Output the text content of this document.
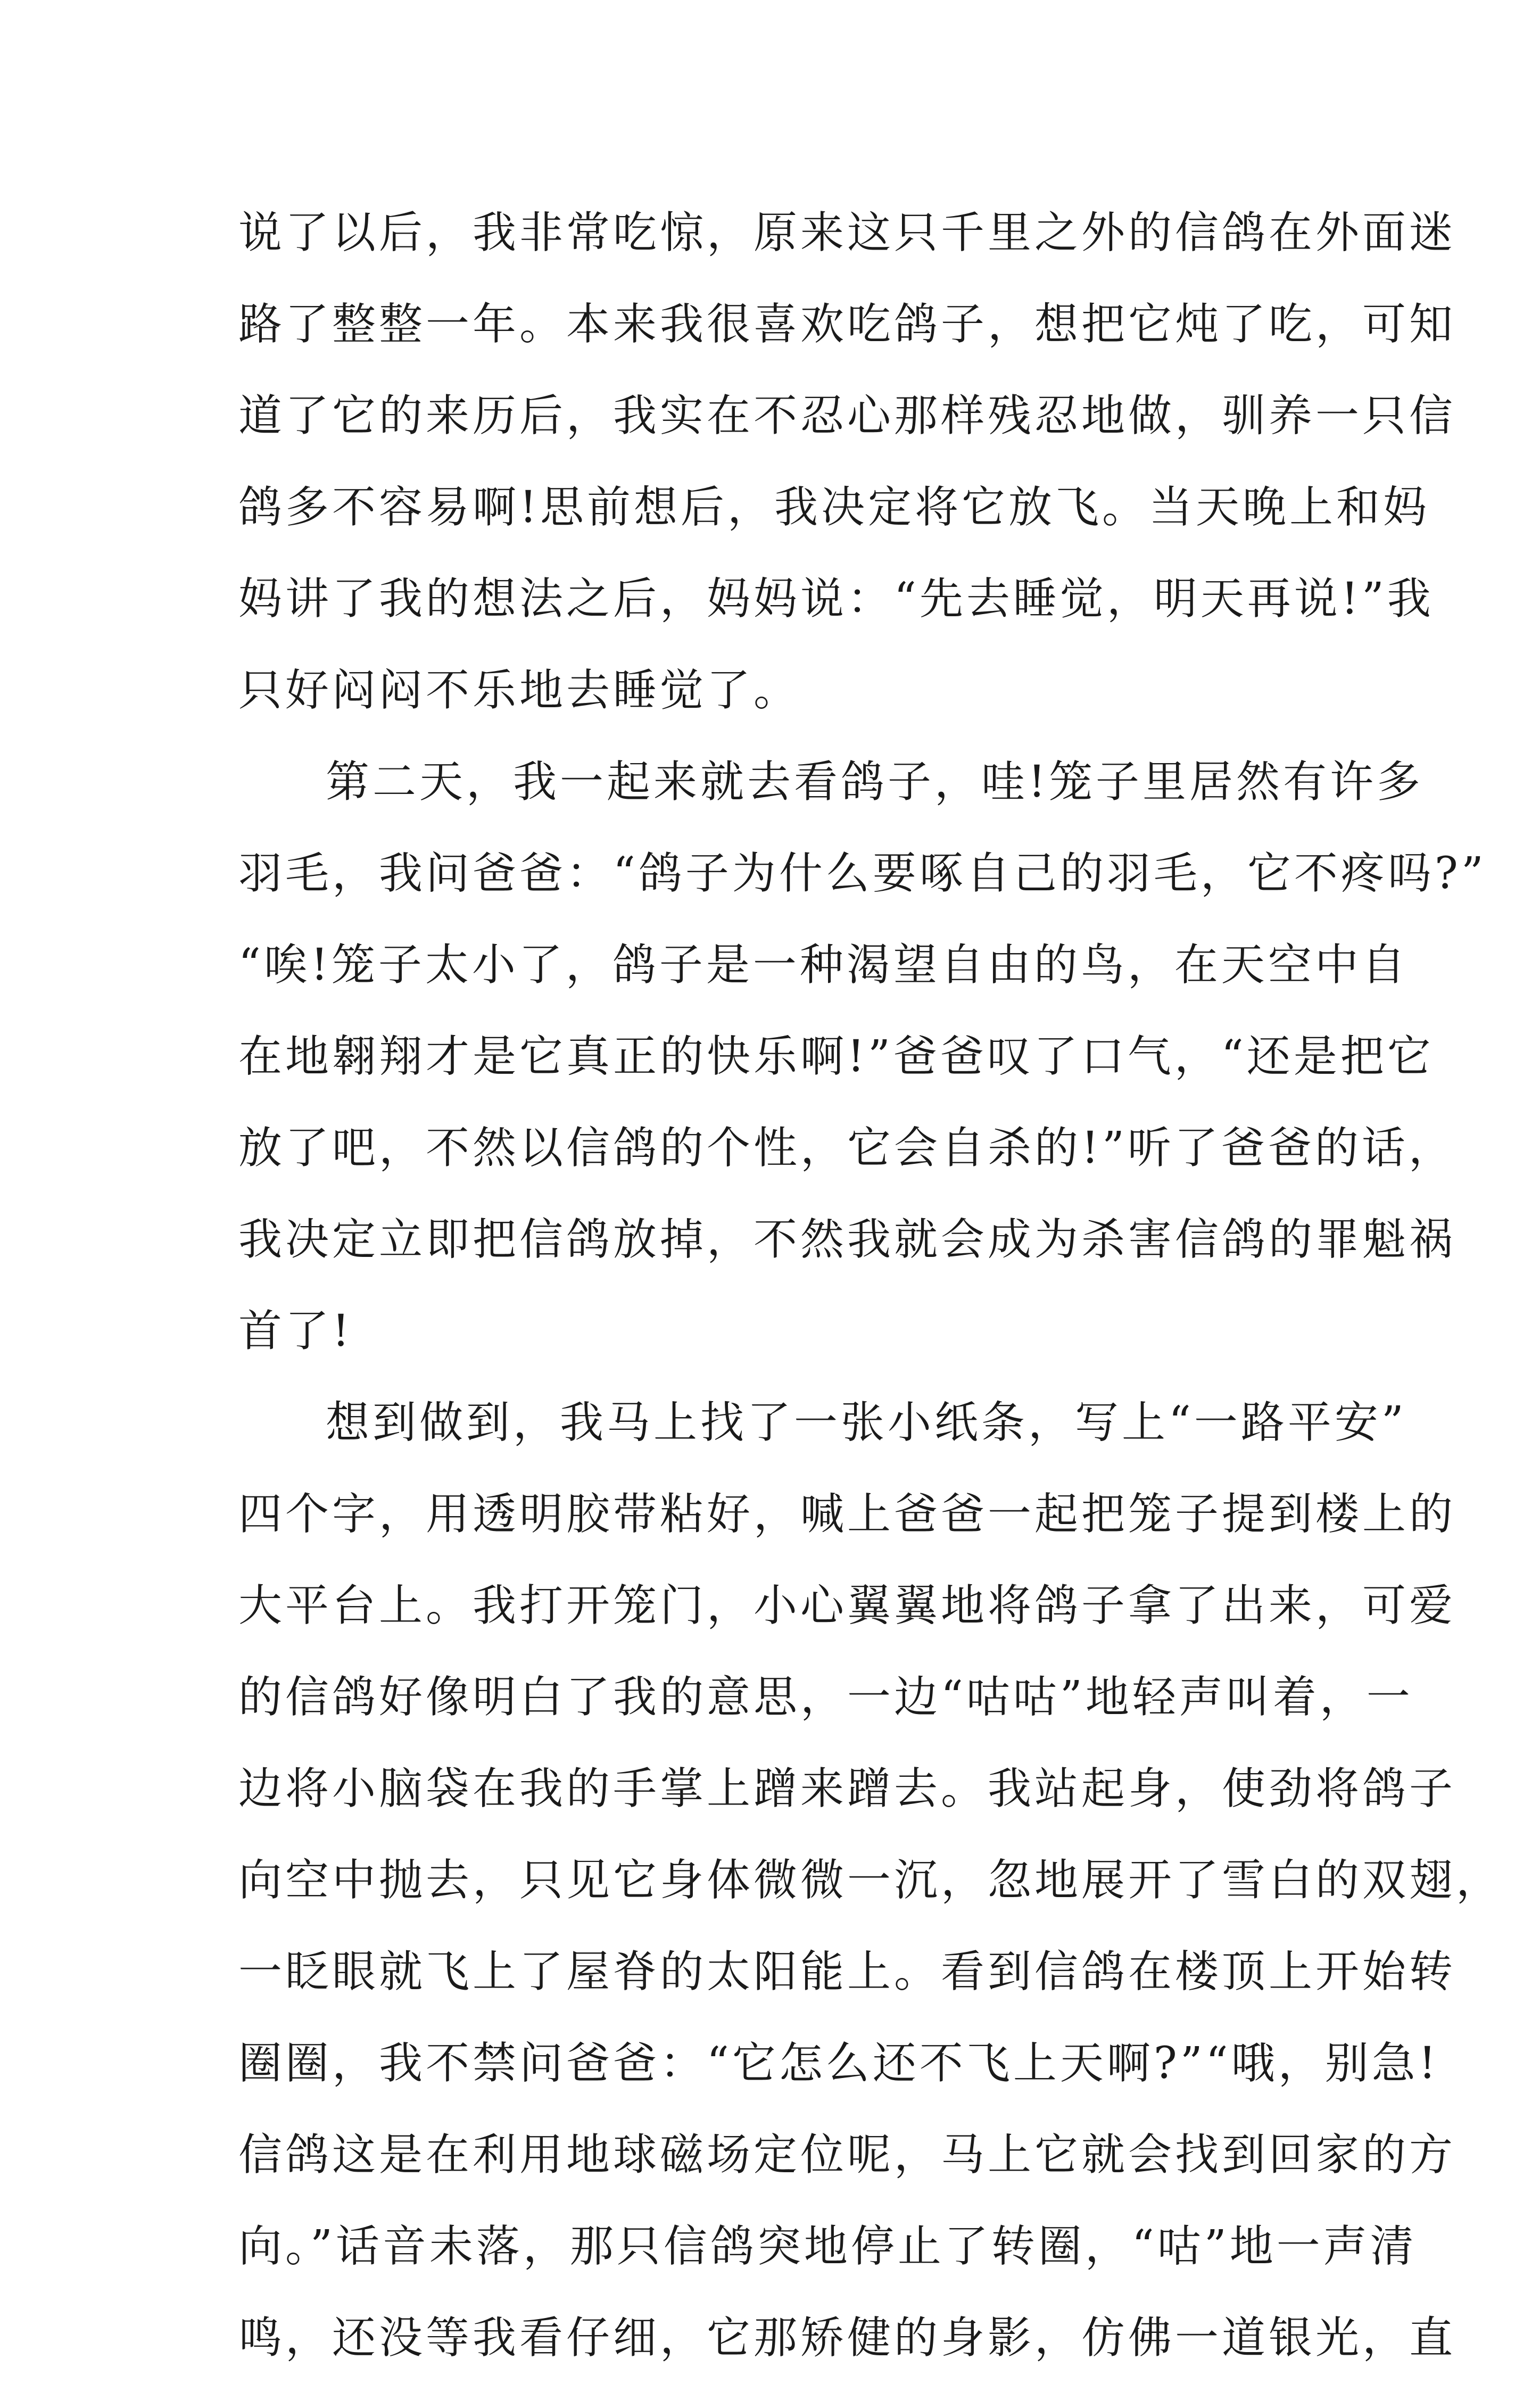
说了以后，我非常吃惊，原来这只千里之外的信鸽在外面迷
路了整整一年。本来我很喜欢吃鸽子，想把它炖了吃，可知
道了它的来历后，我实在不忍心那样残忍地做，驯养一只信
鸽多不容易啊!思前想后，我决定将它放飞。当天晚上和妈
妈讲了我的想法之后，妈妈说：“先去睡觉，明天再说!”我
只好闷闷不乐地去睡觉了。

第二天，我一起来就去看鸽子，哇!笼子里居然有许多
羽毛，我问爸爸：“鸽子为什么要啄自己的羽毛，它不疼吗?”
“唉!笼子太小了，鸽子是一种渴望自由的鸟，在天空中自
在地翱翔才是它真正的快乐啊!”爸爸叹了口气，“还是把它
放了吧，不然以信鸽的个性，它会自杀的!”听了爸爸的话，
我决定立即把信鸽放掉，不然我就会成为杀害信鸽的罪魁祸
首了!

想到做到，我马上找了一张小纸条，写上“一路平安”
四个字，用透明胶带粘好，喊上爸爸一起把笼子提到楼上的
大平台上。我打开笼门，小心翼翼地将鸽子拿了出来，可爱
的信鸽好像明白了我的意思，一边“咕咕”地轻声叫着，一
边将小脑袋在我的手掌上蹭来蹭去。我站起身，使劲将鸽子
向空中抛去，只见它身体微微一沉，忽地展开了雪白的双翅，
一眨眼就飞上了屋脊的太阳能上。看到信鸽在楼顶上开始转
圈圈，我不禁问爸爸：“它怎么还不飞上天啊?”“哦，别急!
信鸽这是在利用地球磁场定位呢，马上它就会找到回家的方
向。”话音未落，那只信鸽突地停止了转圈，“咕”地一声清
鸣，还没等我看仔细，它那矫健的身影，仿佛一道银光，直
